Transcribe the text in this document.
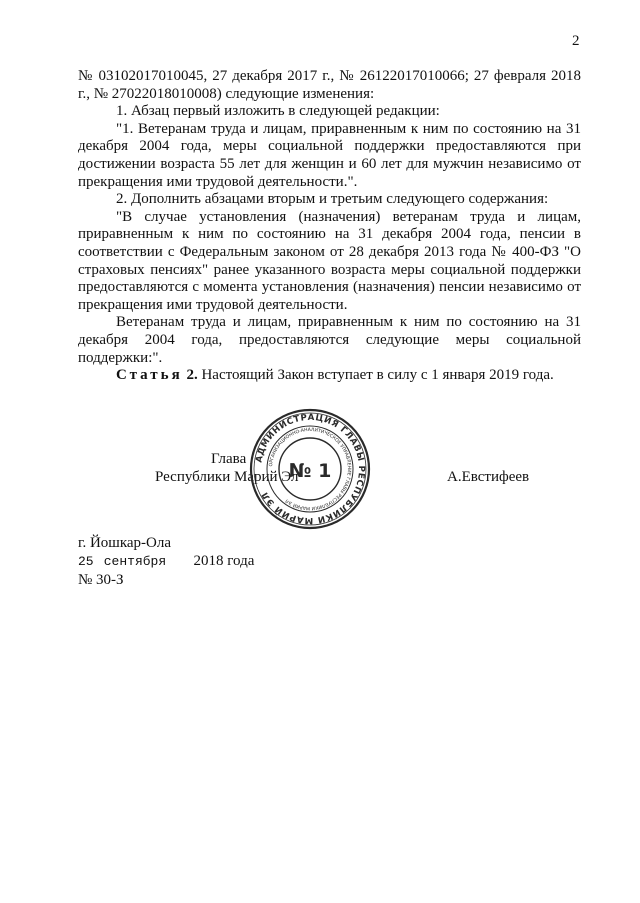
2

№ 03102017010045, 27 декабря 2017 г., № 26122017010066; 27 февраля 2018 г., № 27022018010008) следующие изменения:

1. Абзац первый изложить в следующей редакции:

"1. Ветеранам труда и лицам, приравненным к ним по состоянию на 31 декабря 2004 года, меры социальной поддержки предоставляются при достижении возраста 55 лет для женщин и 60 лет для мужчин независимо от прекращения ими трудовой деятельности.".

2. Дополнить абзацами вторым и третьим следующего содержания:

"В случае установления (назначения) ветеранам труда и лицам, приравненным к ним по состоянию на 31 декабря 2004 года, пенсии в соответствии с Федеральным законом от 28 декабря 2013 года № 400-ФЗ "О страховых пенсиях" ранее указанного возраста меры социальной поддержки предоставляются с момента установления (назначения) пенсии независимо от прекращения ими трудовой деятельности.

Ветеранам труда и лицам, приравненным к ним по состоянию на 31 декабря 2004 года, предоставляются следующие меры социальной поддержки:".

Статья 2. Настоящий Закон вступает в силу с 1 января 2019 года.

Глава
Республики Марий Эл	А.Евстифеев
АДМИНИСТРАЦИЯ ГЛАВЫ РЕСПУБЛИКИ МАРИЙ ЭЛ
ОРГАНИЗАЦИОННО-АНАЛИТИЧЕСКОЕ УПРАВЛЕНИЕ ГЛАВЫ РЕСПУБЛИКИ МАРИЙ ЭЛ
№ 1
г. Йошкар-Ола
25 сентября 2018 года
№ 30-З
